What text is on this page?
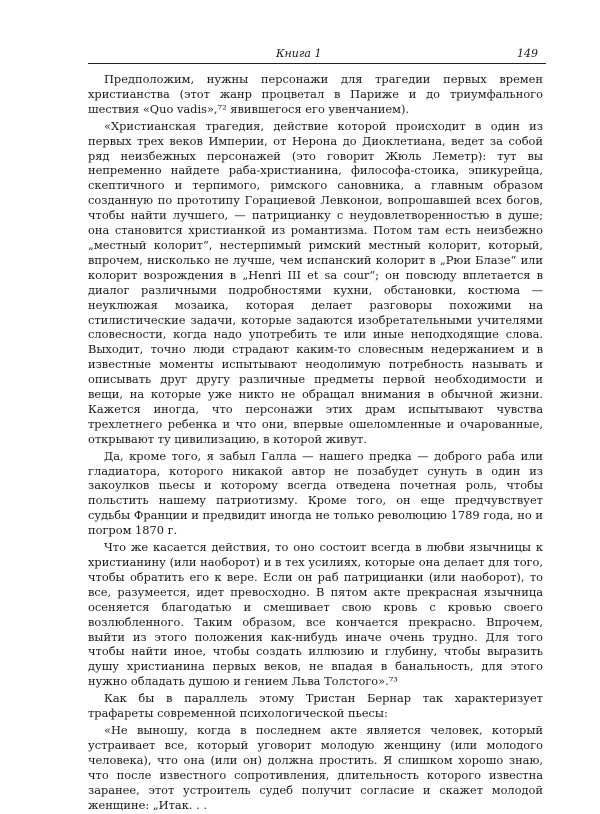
Книга 1	149

Предположим, нужны персонажи для трагедии первых времен христианства (этот жанр процветал в Париже и до триумфального шествия «Quo vadis»,⁷² явившегося его увенчанием).

«Христианская трагедия, действие которой происходит в один из первых трех веков Империи, от Нерона до Диоклетиана, ведет за собой ряд неизбежных персонажей (это говорит Жюль Леметр): тут вы непременно найдете раба-христианина, философа-стоика, эпикурейца, скептичного и терпимого, римского сановника, а главным образом созданную по прототипу Горациевой Левконои, вопрошавшей всех богов, чтобы найти лучшего, — патрицианку с неудовлетворенностью в душе; она становится христианкой из романтизма. Потом там есть неизбежно „местный колорит“, нестерпимый римский местный колорит, который, впрочем, нисколько не лучше, чем испанский колорит в „Рюи Блазе“ или колорит возрождения в „Henri III et sa cour“; он повсюду вплетается в диалог различными подробностями кухни, обстановки, костюма — неуклюжая мозаика, которая делает разговоры похожими на стилистические задачи, которые задаются изобретательными учителями словесности, когда надо употребить те или иные неподходящие слова. Выходит, точно люди страдают каким-то словесным недержанием и в известные моменты испытывают неодолимую потребность называть и описывать друг другу различные предметы первой необходимости и вещи, на которые уже никто не обращал внимания в обычной жизни. Кажется иногда, что персонажи этих драм испытывают чувства трехлетнего ребенка и что они, впервые ошеломленные и очарованные, открывают ту цивилизацию, в которой живут.

Да, кроме того, я забыл Галла — нашего предка — доброго раба или гладиатора, которого никакой автор не позабудет сунуть в один из закоулков пьесы и которому всегда отведена почетная роль, чтобы польстить нашему патриотизму. Кроме того, он еще предчувствует судьбы Франции и предвидит иногда не только революцию 1789 года, но и погром 1870 г.

Что же касается действия, то оно состоит всегда в любви язычницы к христианину (или наоборот) и в тех усилиях, которые она делает для того, чтобы обратить его к вере. Если он раб патрицианки (или наоборот), то все, разумеется, идет превосходно. В пятом акте прекрасная язычница осеняется благодатью и смешивает свою кровь с кровью своего возлюбленного. Таким образом, все кончается прекрасно. Впрочем, выйти из этого положения как-нибудь иначе очень трудно. Для того чтобы найти иное, чтобы создать иллюзию и глубину, чтобы выразить душу христианина первых веков, не впадая в банальность, для этого нужно обладать душою и гением Льва Толстого».⁷³

Как бы в параллель этому Тристан Бернар так характеризует трафареты современной психологической пьесы:

«Не выношу, когда в последнем акте является человек, который устраивает все, который уговорит молодую женщину (или молодого человека), что она (или он) должна простить. Я слишком хорошо знаю, что после известного сопротивления, длительность которого известна заранее, этот устроитель судеб получит согласие и скажет молодой женщине: „Итак. . .
